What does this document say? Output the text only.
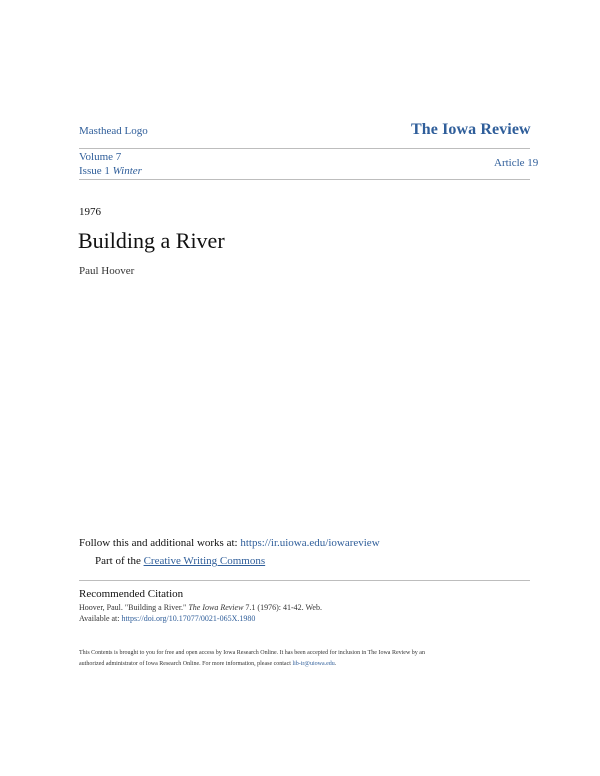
Masthead Logo	The Iowa Review
Volume 7
Issue 1 Winter
Article 19
1976
Building a River
Paul Hoover
Follow this and additional works at: https://ir.uiowa.edu/iowareview
Part of the Creative Writing Commons
Recommended Citation
Hoover, Paul. "Building a River." The Iowa Review 7.1 (1976): 41-42. Web.
Available at: https://doi.org/10.17077/0021-065X.1980
This Contents is brought to you for free and open access by Iowa Research Online. It has been accepted for inclusion in The Iowa Review by an
authorized administrator of Iowa Research Online. For more information, please contact lib-ir@uiowa.edu.
